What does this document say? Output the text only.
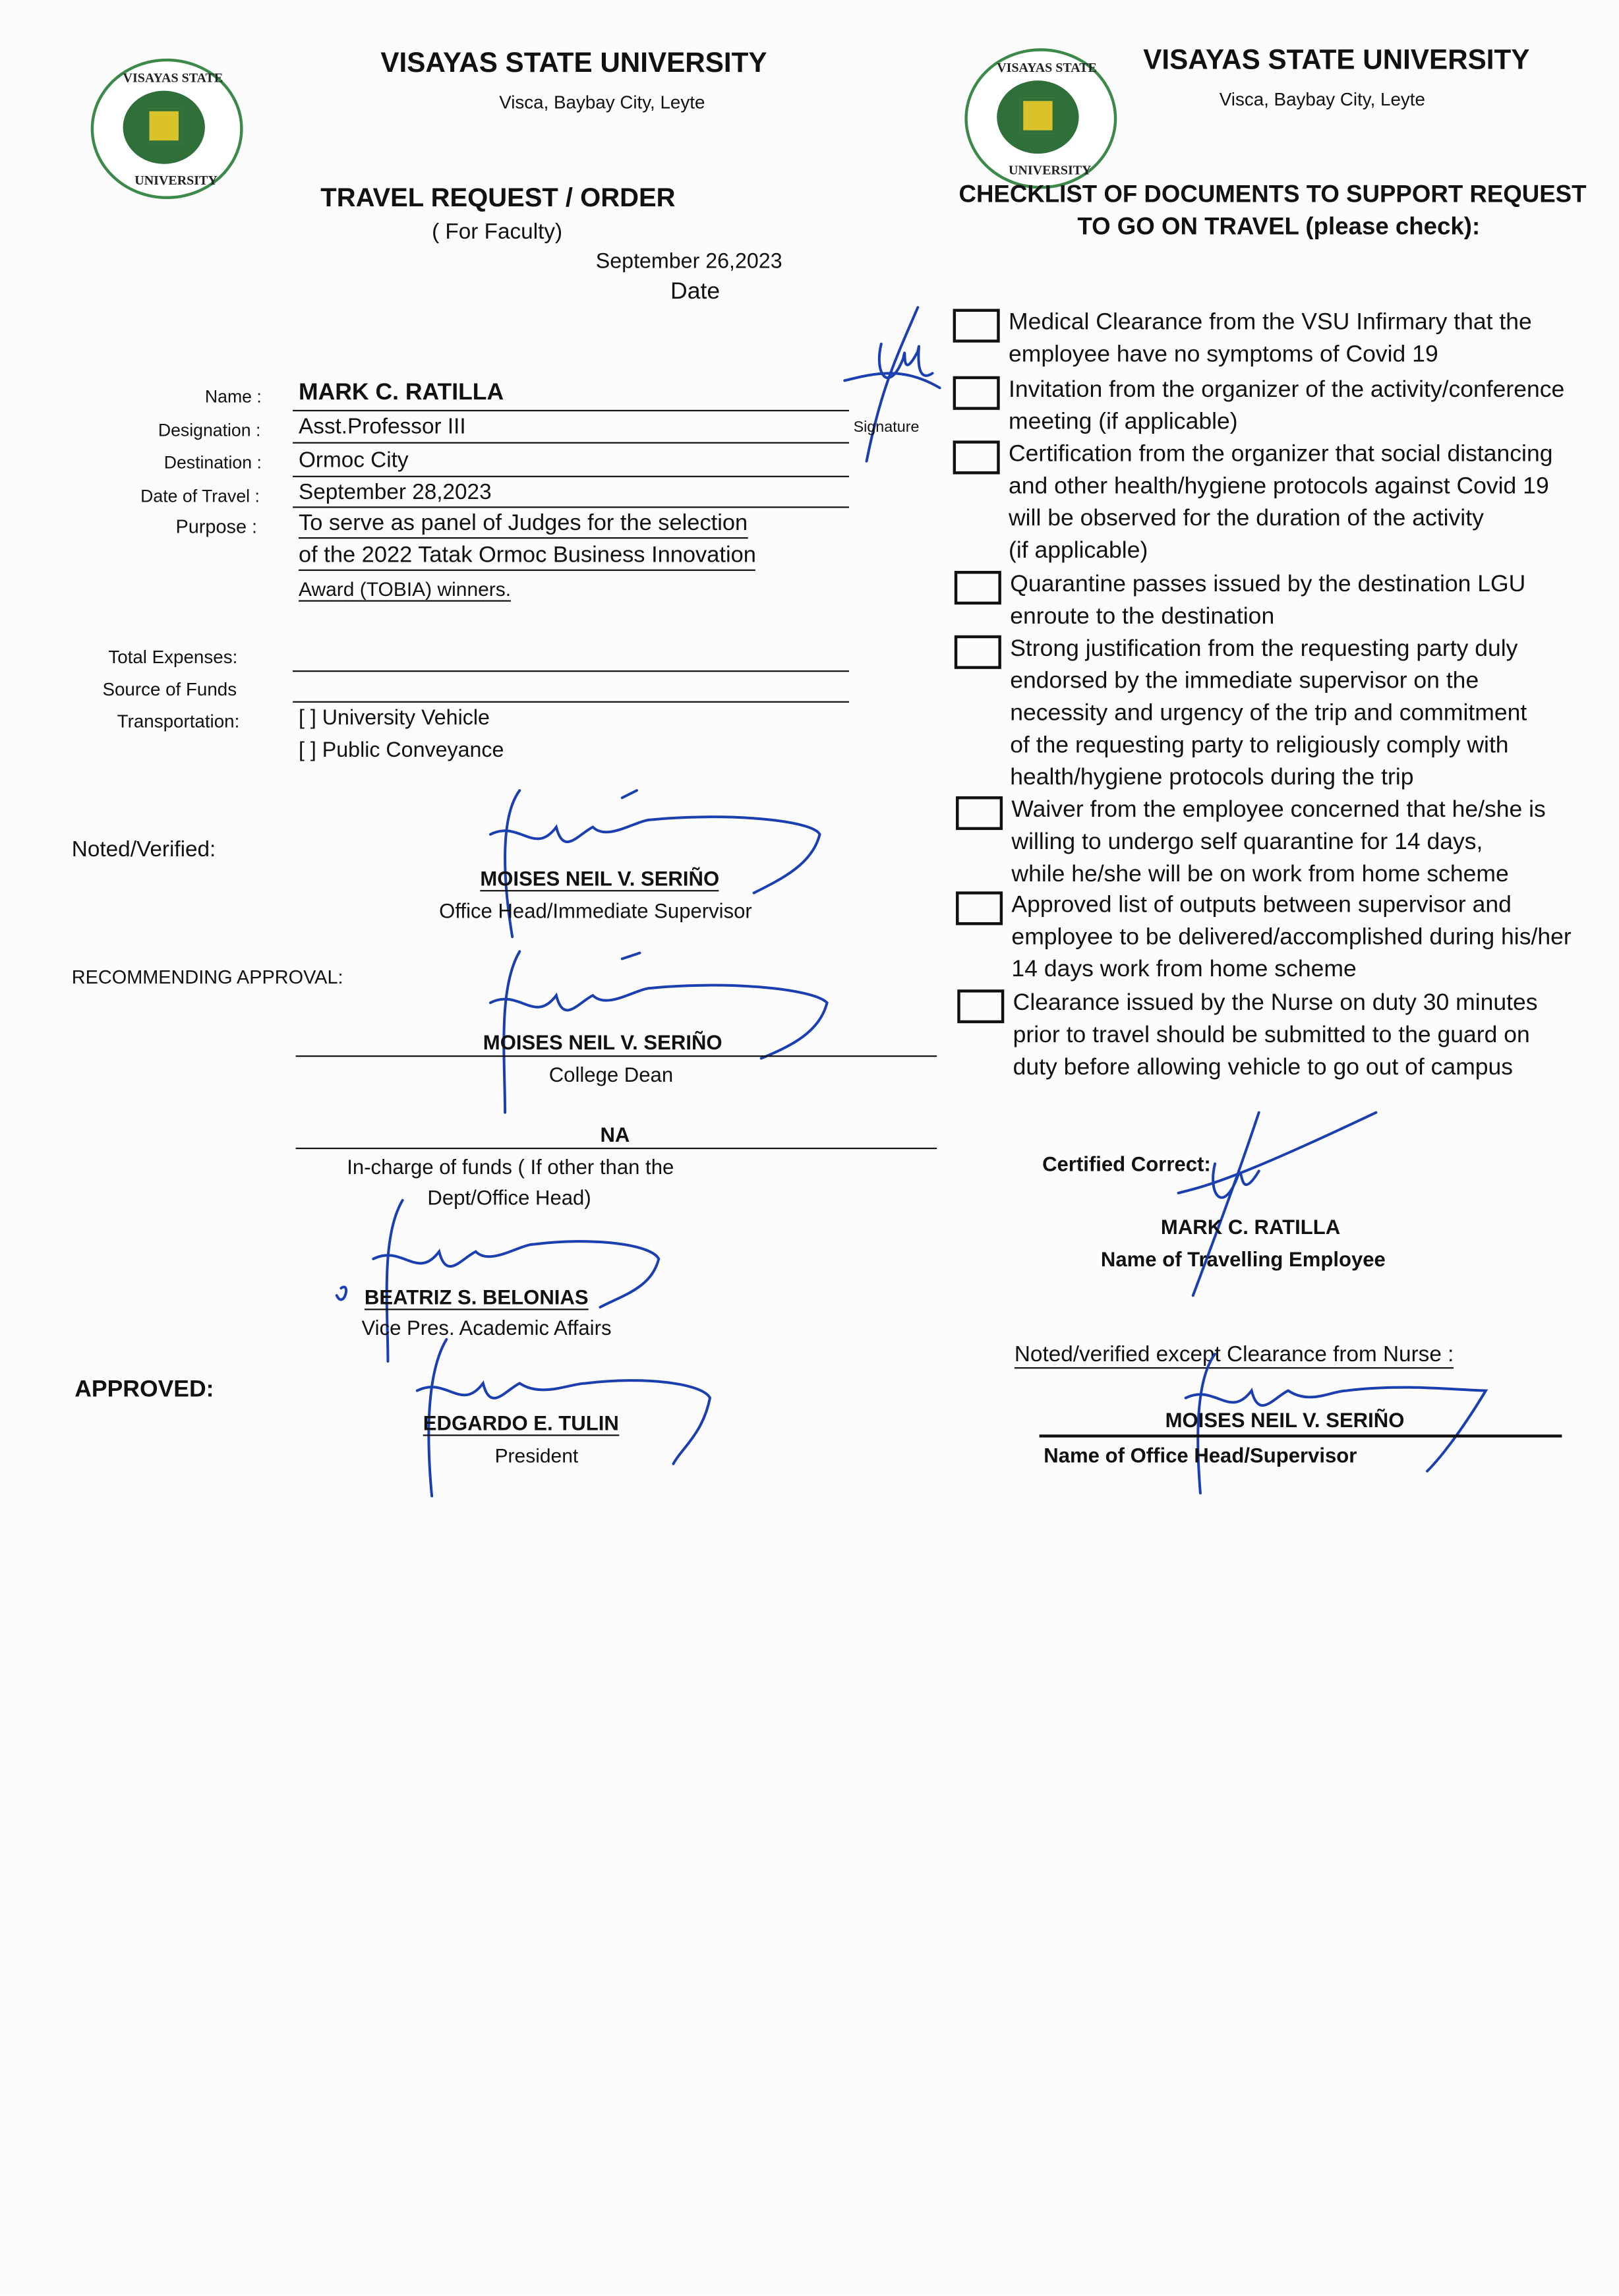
VISAYAS STATE
UNIVERSITY
VISAYAS STATE UNIVERSITY
Visca, Baybay City, Leyte
TRAVEL REQUEST / ORDER
( For Faculty)
September 26,2023
Date
Name :	MARK C. RATILLA
Designation :	Asst.Professor III
Destination :	Ormoc City
Date of Travel :	September 28,2023
Purpose :	To serve as panel of Judges for the selection
of the 2022 Tatak Ormoc Business Innovation
Award (TOBIA) winners.
Signature
Total Expenses:
Source of Funds
Transportation:	[ ] University Vehicle
[ ] Public Conveyance
Noted/Verified:
MOISES NEIL V. SERIÑO
Office Head/Immediate Supervisor
RECOMMENDING APPROVAL:
MOISES NEIL V. SERIÑO
College Dean
NA
In-charge of funds ( If other than the
Dept/Office Head)
BEATRIZ S. BELONIAS
Vice Pres. Academic Affairs
APPROVED:
EDGARDO E. TULIN
President
VISAYAS STATE
UNIVERSITY
VISAYAS STATE UNIVERSITY
Visca, Baybay City, Leyte
CHECKLIST OF DOCUMENTS TO SUPPORT REQUEST
TO GO ON TRAVEL (please check):
Medical Clearance from the VSU Infirmary that the
employee have no symptoms of Covid 19
Invitation from the organizer of the activity/conference
meeting (if applicable)
Certification from the organizer that social distancing
and other health/hygiene protocols against Covid 19
will be observed for the duration of the activity
(if applicable)
Quarantine passes issued by the destination LGU
enroute to the destination
Strong justification from the requesting party duly
endorsed by the immediate supervisor on the
necessity and urgency of the trip and commitment
of the requesting party to religiously comply with
health/hygiene protocols during the trip
Waiver from the employee concerned that he/she is
willing to undergo self quarantine for 14 days,
while he/she will be on work from home scheme
Approved list of outputs between supervisor and
employee to be delivered/accomplished during his/her
14 days work from home scheme
Clearance issued by the Nurse on duty 30 minutes
prior to travel should be submitted to the guard on
duty before allowing vehicle to go out of campus
Certified Correct:
MARK C. RATILLA
Name of Travelling Employee
Noted/verified except Clearance from Nurse :
MOISES NEIL V. SERIÑO
Name of Office Head/Supervisor
